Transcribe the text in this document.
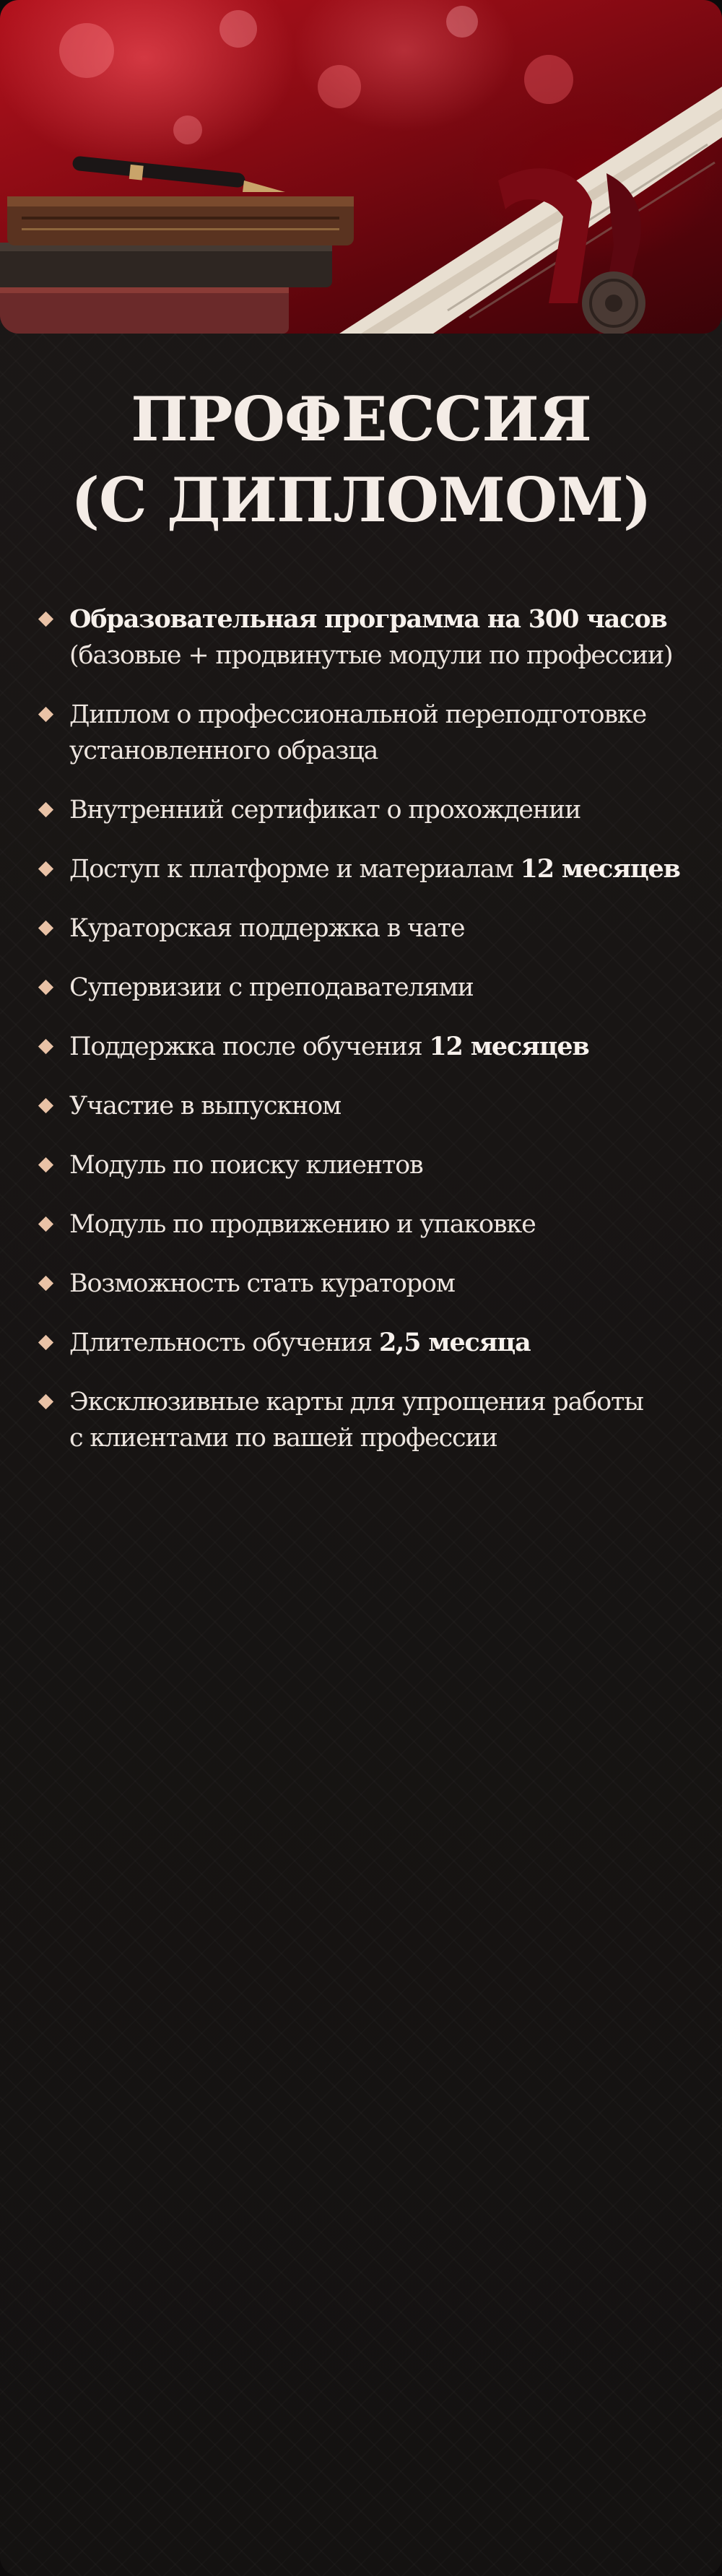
ПРОФЕССИЯ
(С ДИПЛОМОМ)
Образовательная программа на 300 часов
(базовые + продвинутые модули по профессии)
Диплом о профессиональной переподготовке
установленного образца
Внутренний сертификат о прохождении
Доступ к платформе и материалам 12 месяцев
Кураторская поддержка в чате
Супервизии с преподавателями
Поддержка после обучения 12 месяцев
Участие в выпускном
Модуль по поиску клиентов
Модуль по продвижению и упаковке
Возможность стать куратором
Длительность обучения 2,5 месяца
Эксклюзивные карты для упрощения работы
с клиентами по вашей профессии
